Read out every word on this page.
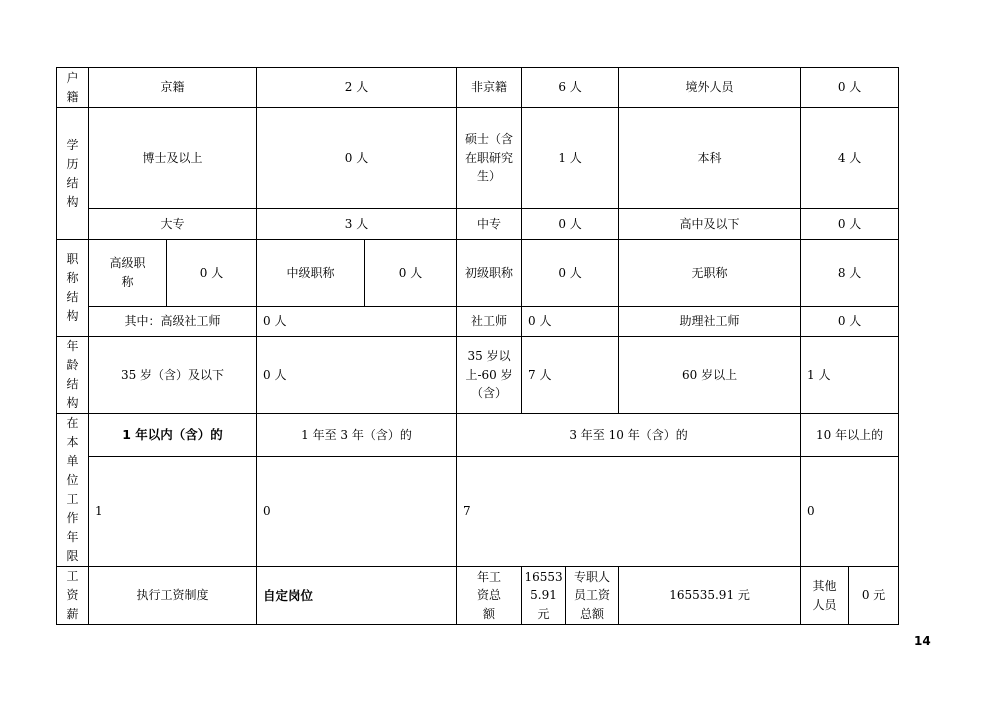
户籍	京籍		2 人		非京籍	6 人		境外人员	0 人	

学历结构	博士及以上		0 人		硕士（含在职研究生）	1 人		本科	4 人	
	大专		3 人		中专	0 人		高中及以下	0 人	

职称结构	高级职称	0 人	中级职称	0 人	初级职称	0 人		无职称	8 人	
	其中：高级社工师		0 人		社工师	0 人		助理社工师	0 人	

年龄结构	35 岁（含）及以下		0 人		35 岁以上-60 岁（含）	7 人		60 岁以上	1 人	

在本单位工作年限	1 年以内（含）的		1 年至 3 年（含）的		3 年至 10 年（含）的				10 年以上的	
	1		0		7				0	

工资薪	执行工资制度		自定岗位		年工资总额	165535.91 元	专职人员工资总额	165535.91 元	其他人员	0 元
14
